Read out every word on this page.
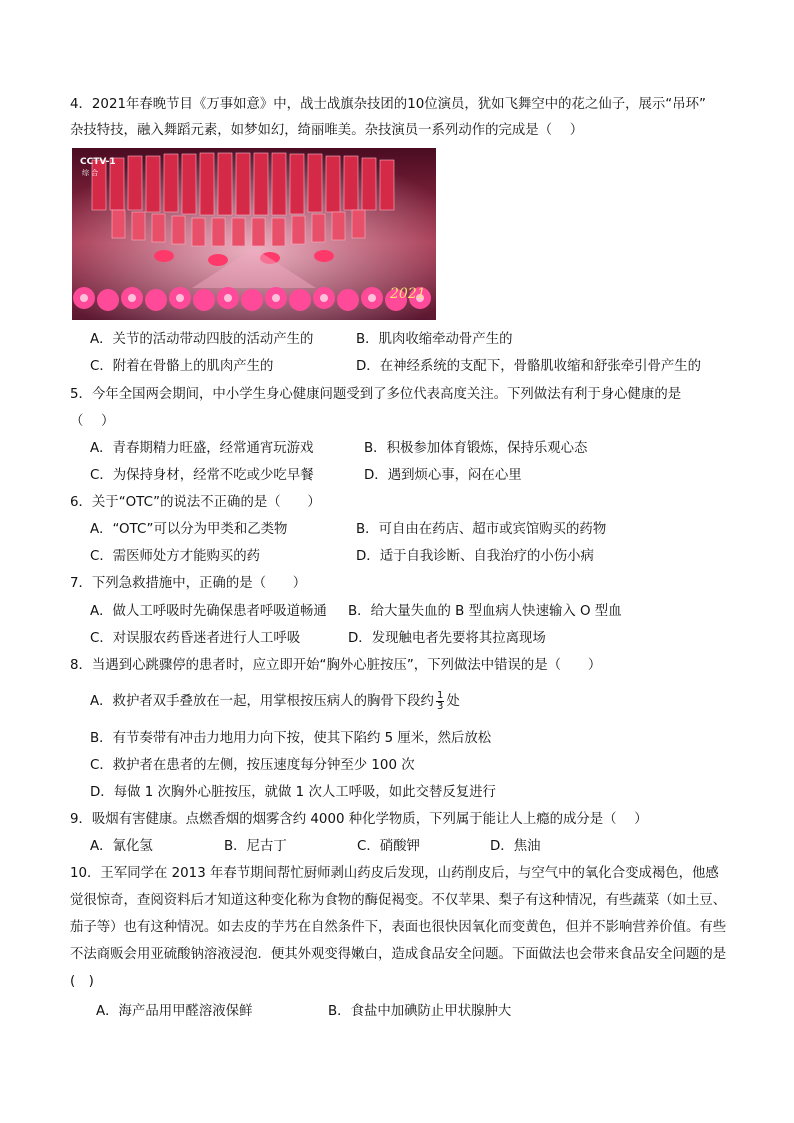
4．2021年春晚节目《万事如意》中，战士战旗杂技团的10位演员，犹如飞舞空中的花之仙子，展示“吊环”
杂技特技，融入舞蹈元素，如梦如幻，绮丽唯美。杂技演员一系列动作的完成是（　 ）
CCTV-1
综 合
2021
A．关节的活动带动四肢的活动产生的	B．肌肉收缩牵动骨产生的
C．附着在骨骼上的肌肉产生的	D．在神经系统的支配下，骨骼肌收缩和舒张牵引骨产生的
5．今年全国两会期间，中小学生身心健康问题受到了多位代表高度关注。下列做法有利于身心健康的是
（　 ）
A．青春期精力旺盛，经常通宵玩游戏	B．积极参加体育锻炼，保持乐观心态
C．为保持身材，经常不吃或少吃早餐	D．遇到烦心事，闷在心里
6．关于“OTC”的说法不正确的是（　　）
A．“OTC”可以分为甲类和乙类物	B．可自由在药店、超市或宾馆购买的药物
C．需医师处方才能购买的药	D．适于自我诊断、自我治疗的小伤小病
7．下列急救措施中，正确的是（　　）
A．做人工呼吸时先确保患者呼吸道畅通 B．给大量失血的 B 型血病人快速输入 O 型血
C．对误服农药昏迷者进行人工呼吸	D．发现触电者先要将其拉离现场
8．当遇到心跳骤停的患者时，应立即开始“胸外心脏按压”，下列做法中错误的是（　　）
A．救护者双手叠放在一起，用掌根按压病人的胸骨下段约 $\frac{1}{3}$ 处
B．有节奏带有冲击力地用力向下按，使其下陷约 5 厘米，然后放松
C．救护者在患者的左侧，按压速度每分钟至少 100 次
D．每做 1 次胸外心脏按压，就做 1 次人工呼吸，如此交替反复进行
9．吸烟有害健康。点燃香烟的烟雾含约 4000 种化学物质，下列属于能让人上瘾的成分是（　 ）
A．氰化氢	B．尼古丁	C．硝酸钾	D．焦油
10．王军同学在 2013 年春节期间帮忙厨师剥山药皮后发现，山药削皮后，与空气中的氧化合变成褐色，他感觉很惊奇，查阅资料后才知道这种变化称为食物的酶促褐变。不仅苹果、梨子有这种情况，有些蔬菜（如土豆、茄子等）也有这种情况。如去皮的芋艿在自然条件下，表面也很快因氧化而变黄色，但并不影响营养价值。有些不法商贩会用亚硫酸钠溶液浸泡．便其外观变得嫩白，造成食品安全问题。下面做法也会带来食品安全问题的是(　)
A．海产品用甲醛溶液保鲜	B．食盐中加碘防止甲状腺肿大
